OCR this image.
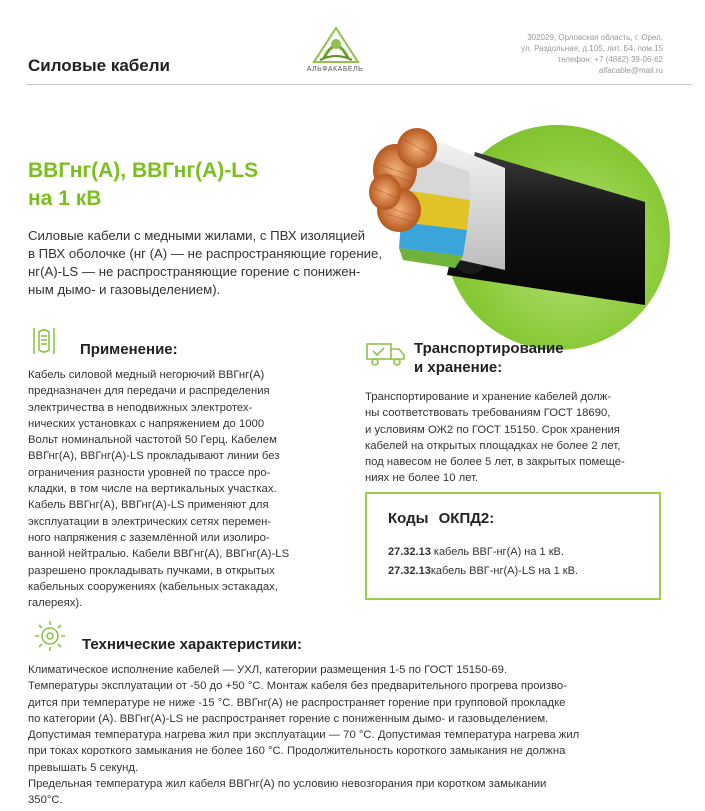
Силовые кабели	АЛЬФАКАБЕЛЬ
302029, Орловская область, г. Орел,
ул. Раздольная, д.105, лит. Б4, пом.15
телефон: +7 (4862) 39-06-62
alfacable@mail.ru
ВВГнг(А), ВВГнг(А)-LS
на 1 кВ
Силовые кабели с медными жилами, с ПВХ изоляцией
в ПВХ оболочке (нг (А) — не распространяющие горение,
нг(А)-LS — не распространяющие горение с понижен-
ным дымо- и газовыделением).
Применение:
Кабель силовой медный негорючий ВВГнг(А)
предназначен для передачи и распределения
электричества в неподвижных электротех-
нических установках с напряжением до 1000
Вольт номинальной частотой 50 Герц. Кабелем
ВВГнг(А), ВВГнг(А)-LS прокладывают линии без
ограничения разности уровней по трассе про-
кладки, в том числе на вертикальных участках.
Кабель ВВГнг(А), ВВГнг(А)-LS применяют для
эксплуатации в электрических сетях перемен-
ного напряжения с заземлённой или изолиро-
ванной нейтралью. Кабели ВВГнг(А), ВВГнг(А)-LS
разрешено прокладывать пучками, в открытых
кабельных сооружениях (кабельных эстакадах,
галереях).
Транспортирование
и хранение:
Транспортирование и хранение кабелей долж-
ны соответствовать требованиям ГОСТ 18690,
и условиям ОЖ2 по ГОСТ 15150. Срок хранения
кабелей на открытых площадках не более 2 лет,
под навесом не более 5 лет, в закрытых помеще-
ниях не более 10 лет.
Коды ОКПД2:
27.32.13 кабель ВВГ-нг(А) на 1 кВ.
27.32.13кабель ВВГ-нг(А)-LS на 1 кВ.
Технические характеристики:
Климатическое исполнение кабелей — УХЛ, категории размещения 1-5 по ГОСТ 15150-69.
Температуры эксплуатации от -50 до +50 °С. Монтаж кабеля без предварительного прогрева произво-
дится при температуре не ниже -15 °С. ВВГнг(А) не распространяет горение при групповой прокладке
по категории (А). ВВГнг(А)-LS не распространяет горение с пониженным дымо- и газовыделением.
Допустимая температура нагрева жил при эксплуатации — 70 °С. Допустимая температура нагрева жил
при токах короткого замыкания не более 160 °С. Продолжительность короткого замыкания не должна
превышать 5 секунд.
Предельная температура жил кабеля ВВГнг(А) по условию невозгорания при коротком замыкании
350°С.
